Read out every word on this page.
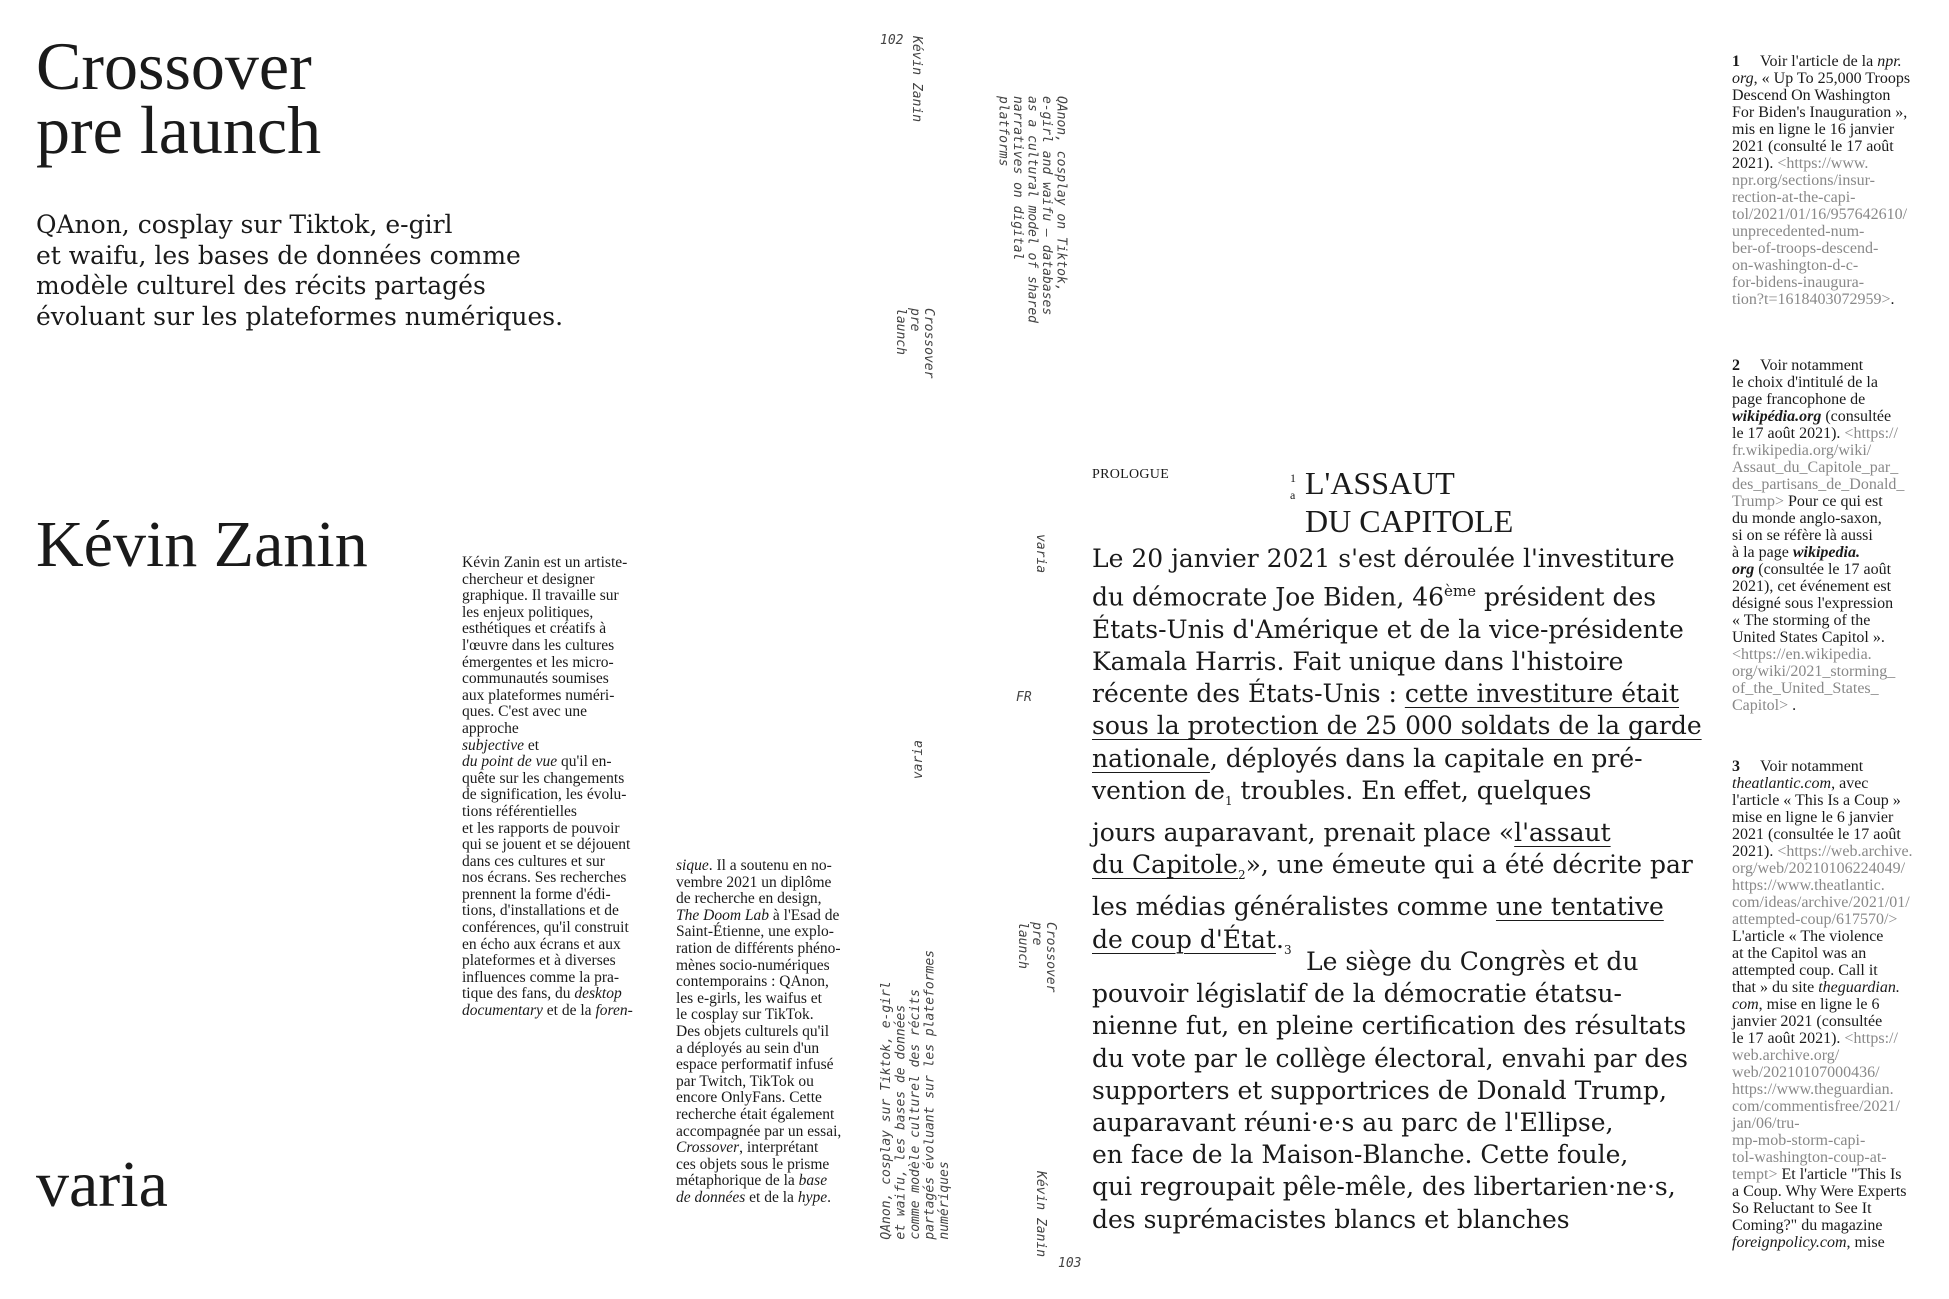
Crossover
pre launch
QAnon, cosplay sur Tiktok, e-girl
et waifu, les bases de données comme
modèle culturel des récits partagés
évoluant sur les plateformes numériques.
Kévin Zanin
varia
Kévin Zanin est un artiste-
chercheur et designer
graphique. Il travaille sur
les enjeux politiques,
esthétiques et créatifs à
l'œuvre dans les cultures
émergentes et les micro-
communautés soumises
aux plateformes numéri-
ques. C'est avec une
approche
subjective et
du point de vue qu'il en-
quête sur les changements
de signification, les évolu-
tions référentielles
et les rapports de pouvoir
qui se jouent et se déjouent
dans ces cultures et sur
nos écrans. Ses recherches
prennent la forme d'édi-
tions, d'installations et de
conférences, qu'il construit
en écho aux écrans et aux
plateformes et à diverses
influences comme la pra-
tique des fans, du desktop
documentary et de la foren-
sique. Il a soutenu en no-
vembre 2021 un diplôme
de recherche en design,
The Doom Lab à l'Esad de
Saint-Étienne, une explo-
ration de différents phéno-
mènes socio-numériques
contemporains : QAnon,
les e-girls, les waifus et
le cosplay sur TikTok.
Des objets culturels qu'il
a déployés au sein d'un
espace performatif infusé
par Twitch, TikTok ou
encore OnlyFans. Cette
recherche était également
accompagnée par un essai,
Crossover, interprétant
ces objets sous le prisme
métaphorique de la base
de données et de la hype.
102 Kévin Zanin
Crossover
pre
launch
QAnon, cosplay on Tiktok,
e-girl and waifu – databases
as a cultural model of shared
narratives on digital
platforms
varia
FR
varia
QAnon, cosplay sur Tiktok, e-girl
et waifu, les bases de données
comme modèle culturel des récits
partagés évoluant sur les plateformes
numériques
Crossover
pre
launch
Kévin Zanin
103
PROLOGUE	1
a L'ASSAUT
DU CAPITOLE
Le 20 janvier 2021 s'est déroulée l'investiture
du démocrate Joe Biden, 46ème président des
États-Unis d'Amérique et de la vice-présidente
Kamala Harris. Fait unique dans l'histoire
récente des États-Unis : cette investiture était
sous la protection de 25 000 soldats de la garde
nationale, déployés dans la capitale en pré-
vention $de_1$ troubles. En effet, quelques
jours auparavant, prenait place «l'assaut
du Capitole$_2$», une émeute qui a été décrite par
les médias généralistes comme une tentative
de coup $d'État._3$ Le siège du Congrès et du
pouvoir législatif de la démocratie étatsu-
nienne fut, en pleine certification des résultats
du vote par le collège électoral, envahi par des
supporters et supportrices de Donald Trump,
auparavant réuni·e·s au parc de l'Ellipse,
en face de la Maison-Blanche. Cette foule,
qui regroupait pêle-mêle, des libertarien·ne·s,
des suprémacistes blancs et blanches

1 Voir l'article de la npr.
org, « Up To 25,000 Troops
Descend On Washington
For Biden's Inauguration »,
mis en ligne le 16 janvier
2021 (consulté le 17 août
2021). <https://www.
npr.org/sections/insur-
rection-at-the-capi-
tol/2021/01/16/957642610/
unprecedented-num-
ber-of-troops-descend-
on-washington-d-c-
for-bidens-inaugura-
tion?t=1618403072959>.

2 Voir notamment
le choix d'intitulé de la
page francophone de
wikipédia.org (consultée
le 17 août 2021). <https://
fr.wikipedia.org/wiki/
Assaut_du_Capitole_par_
des_partisans_de_Donald_
Trump> Pour ce qui est
du monde anglo-saxon,
si on se réfère là aussi
à la page wikipedia.
org (consultée le 17 août
2021), cet événement est
désigné sous l'expression
« The storming of the
United States Capitol ».
<https://en.wikipedia.
org/wiki/2021_storming_
of_the_United_States_
Capitol> .

3 Voir notamment
theatlantic.com, avec
l'article « This Is a Coup »
mise en ligne le 6 janvier
2021 (consultée le 17 août
2021). <https://web.archive.
org/web/20210106224049/
https://www.theatlantic.
com/ideas/archive/2021/01/
attempted-coup/617570/>
L'article « The violence
at the Capitol was an
attempted coup. Call it
that » du site theguardian.
com, mise en ligne le 6
janvier 2021 (consultée
le 17 août 2021). <https://
web.archive.org/
web/20210107000436/
https://www.theguardian.
com/commentisfree/2021/
jan/06/tru-
mp-mob-storm-capi-
tol-washington-coup-at-
tempt> Et l'article "This Is
a Coup. Why Were Experts
So Reluctant to See It
Coming?" du magazine
foreignpolicy.com, mise
